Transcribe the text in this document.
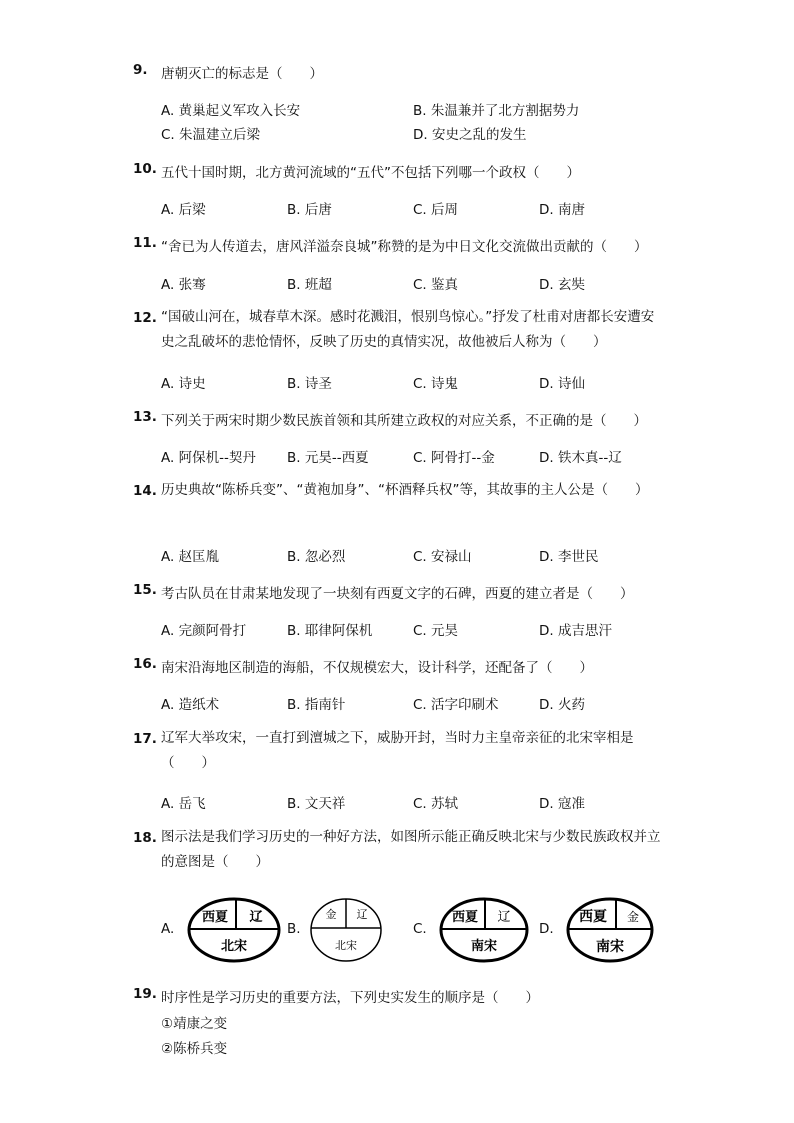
9. 唐朝灭亡的标志是（　　）
A. 黄巢起义军攻入长安	B. 朱温兼并了北方割据势力
C. 朱温建立后梁	D. 安史之乱的发生
10. 五代十国时期，北方黄河流域的“五代”不包括下列哪一个政权（　　）
A. 后梁	B. 后唐	C. 后周	D. 南唐
11. “舍已为人传道去，唐风洋溢奈良城”称赞的是为中日文化交流做出贡献的（　　）
A. 张骞	B. 班超	C. 鉴真	D. 玄奘
12. “国破山河在，城春草木深。感时花溅泪，恨别鸟惊心。”抒发了杜甫对唐都长安遭安史之乱破坏的悲怆情怀，反映了历史的真情实况，故他被后人称为（　　）
A. 诗史	B. 诗圣	C. 诗鬼	D. 诗仙
13. 下列关于两宋时期少数民族首领和其所建立政权的对应关系，不正确的是（　　）
A. 阿保机--契丹 B. 元昊--西夏	C. 阿骨打--金	D. 铁木真--辽
14. 历史典故“陈桥兵变”、“黄袍加身”、“杯酒释兵权”等，其故事的主人公是（　　）
A. 赵匡胤	B. 忽必烈	C. 安禄山	D. 李世民
15. 考古队员在甘肃某地发现了一块刻有西夏文字的石碑，西夏的建立者是（　　）
A. 完颜阿骨打	B. 耶律阿保机	C. 元昊	D. 成吉思汗
16. 南宋沿海地区制造的海船，不仅规模宏大，设计科学，还配备了（　　）
A. 造纸术	B. 指南针	C. 活字印刷术	D. 火药
17. 辽军大举攻宋，一直打到澶城之下，威胁开封，当时力主皇帝亲征的北宋宰相是（　　）
A. 岳飞	B. 文天祥	C. 苏轼	D. 寇准
18. 图示法是我们学习历史的一种好方法，如图所示能正确反映北宋与少数民族政权并立的意图是（　　）
A.	B.	C.	D.
西夏 辽
北宋
金 辽
北宋
西夏 辽
南宋
西夏 金
南宋
19. 时序性是学习历史的重要方法，下列史实发生的顺序是（　　）
①靖康之变
②陈桥兵变
